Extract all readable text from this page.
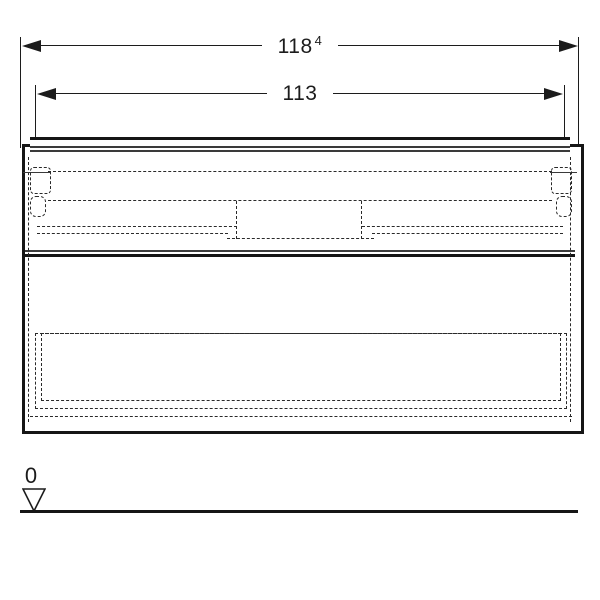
118 $^4$
113
0
